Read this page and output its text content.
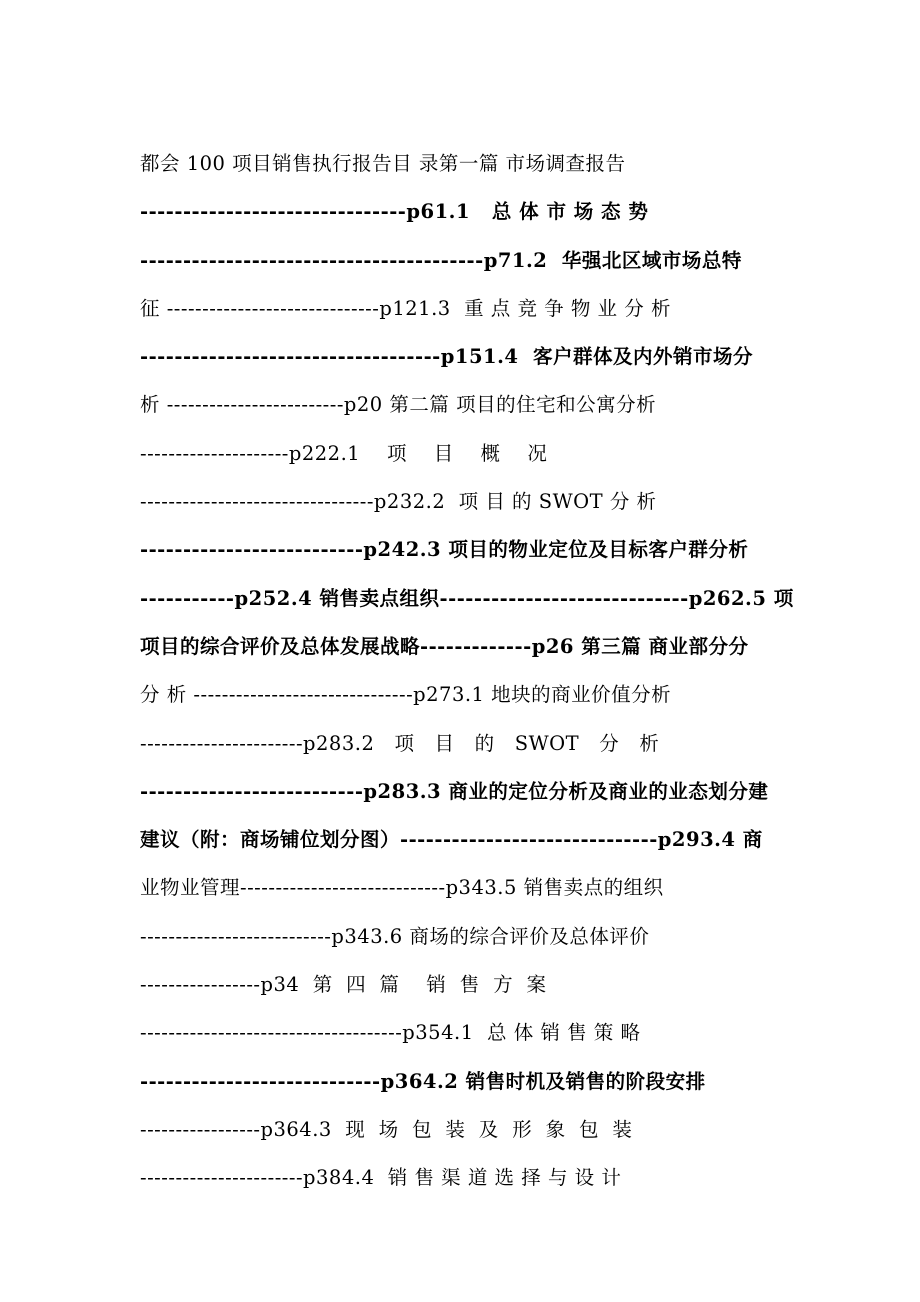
都会 100 项目销售执行报告目 录第一篇 市场调查报告
-------------------------------p61.1   总 体 市 场 态 势
----------------------------------------p71.2  华强北区域市场总特
征 ------------------------------p121.3  重 点 竞 争 物 业 分 析
-----------------------------------p151.4  客户群体及内外销市场分
析 -------------------------p20 第二篇 项目的住宅和公寓分析
---------------------p222.1    项    目    概    况
---------------------------------p232.2  项 目 的 SWOT 分 析
--------------------------p242.3 项目的物业定位及目标客户群分析
-----------p252.4 销售卖点组织-----------------------------p262.5 项
项目的综合评价及总体发展战略-------------p26 第三篇 商业部分分
分 析 -------------------------------p273.1 地块的商业价值分析
-----------------------p283.2   项   目   的   SWOT   分   析
--------------------------p283.3 商业的定位分析及商业的业态划分建
建议（附：商场铺位划分图）------------------------------p293.4 商
业物业管理-----------------------------p343.5 销售卖点的组织
---------------------------p343.6 商场的综合评价及总体评价
-----------------p34  第  四  篇    销  售  方  案
-------------------------------------p354.1  总 体 销 售 策 略
----------------------------p364.2 销售时机及销售的阶段安排
-----------------p364.3  现  场  包  装  及  形  象  包  装
-----------------------p384.4  销 售 渠 道 选 择 与 设 计
